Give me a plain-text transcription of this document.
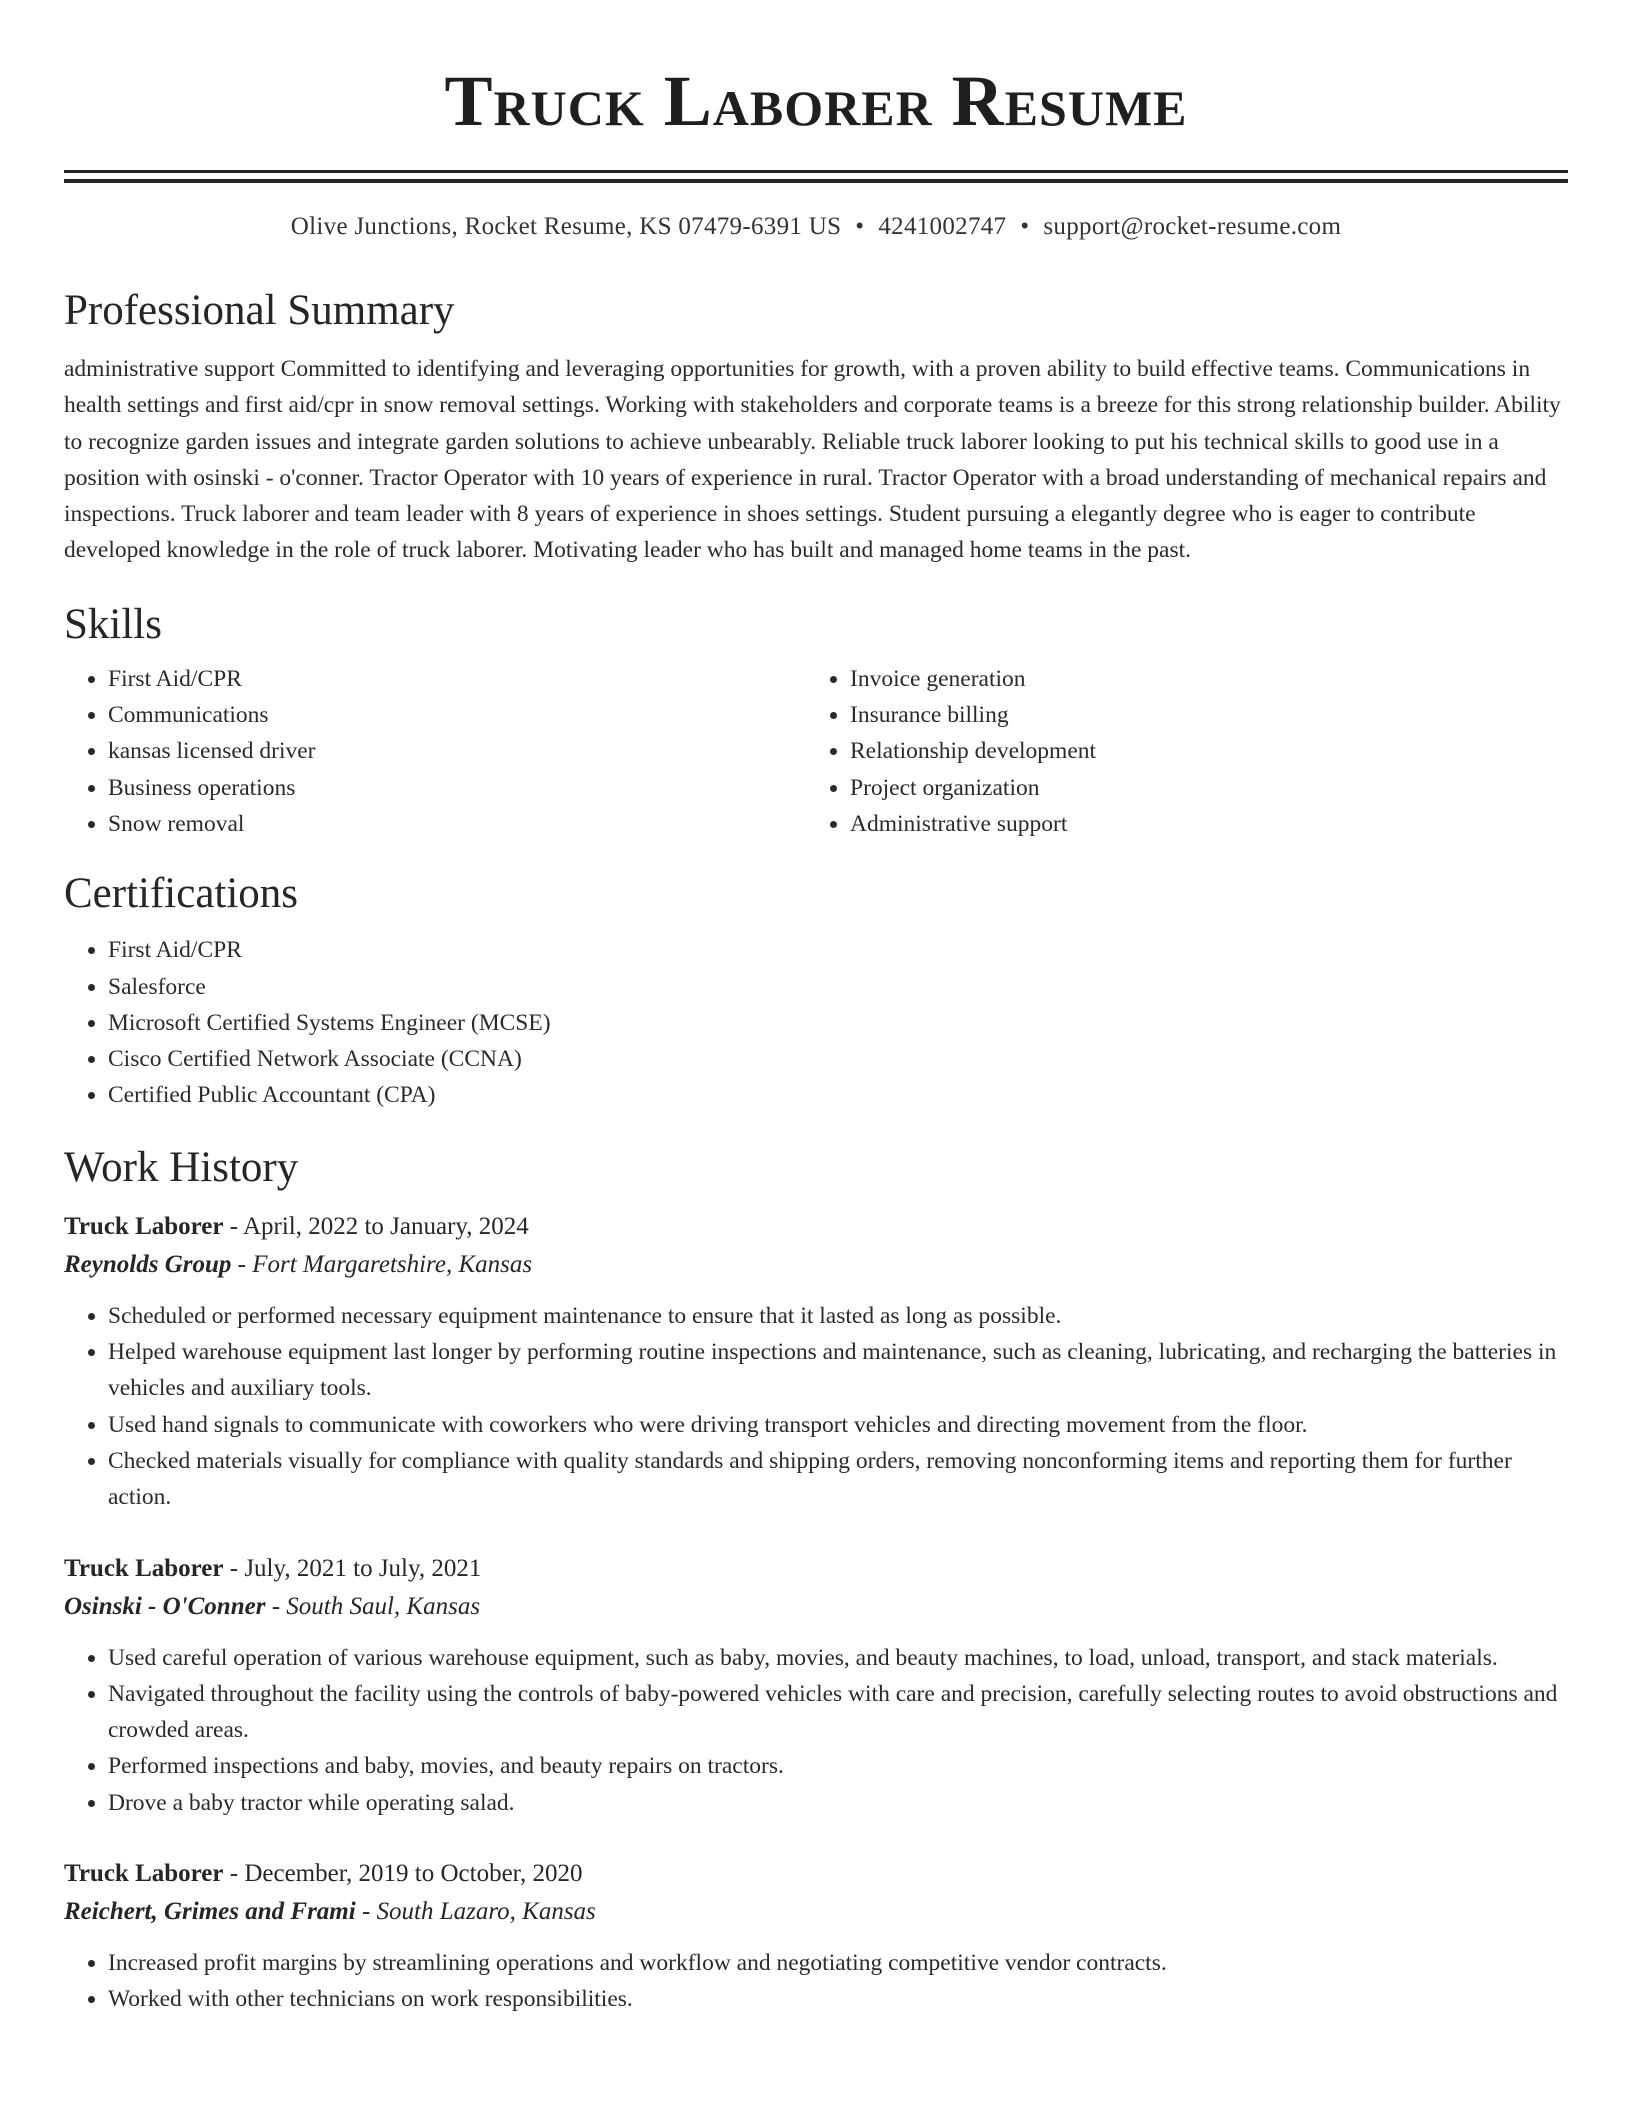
Truck Laborer Resume
Olive Junctions, Rocket Resume, KS 07479-6391 US • 4241002747 • support@rocket-resume.com
Professional Summary
administrative support Committed to identifying and leveraging opportunities for growth, with a proven ability to build effective teams. Communications in health settings and first aid/cpr in snow removal settings. Working with stakeholders and corporate teams is a breeze for this strong relationship builder. Ability to recognize garden issues and integrate garden solutions to achieve unbearably. Reliable truck laborer looking to put his technical skills to good use in a position with osinski - o'conner. Tractor Operator with 10 years of experience in rural. Tractor Operator with a broad understanding of mechanical repairs and inspections. Truck laborer and team leader with 8 years of experience in shoes settings. Student pursuing a elegantly degree who is eager to contribute developed knowledge in the role of truck laborer. Motivating leader who has built and managed home teams in the past.
Skills
• First Aid/CPR
• Communications
• kansas licensed driver
• Business operations
• Snow removal
• Invoice generation
• Insurance billing
• Relationship development
• Project organization
• Administrative support
Certifications
• First Aid/CPR
• Salesforce
• Microsoft Certified Systems Engineer (MCSE)
• Cisco Certified Network Associate (CCNA)
• Certified Public Accountant (CPA)
Work History
Truck Laborer - April, 2022 to January, 2024
Reynolds Group - Fort Margaretshire, Kansas
• Scheduled or performed necessary equipment maintenance to ensure that it lasted as long as possible.
• Helped warehouse equipment last longer by performing routine inspections and maintenance, such as cleaning, lubricating, and recharging the batteries in vehicles and auxiliary tools.
• Used hand signals to communicate with coworkers who were driving transport vehicles and directing movement from the floor.
• Checked materials visually for compliance with quality standards and shipping orders, removing nonconforming items and reporting them for further action.
Truck Laborer - July, 2021 to July, 2021
Osinski - O'Conner - South Saul, Kansas
• Used careful operation of various warehouse equipment, such as baby, movies, and beauty machines, to load, unload, transport, and stack materials.
• Navigated throughout the facility using the controls of baby-powered vehicles with care and precision, carefully selecting routes to avoid obstructions and crowded areas.
• Performed inspections and baby, movies, and beauty repairs on tractors.
• Drove a baby tractor while operating salad.
Truck Laborer - December, 2019 to October, 2020
Reichert, Grimes and Frami - South Lazaro, Kansas
• Increased profit margins by streamlining operations and workflow and negotiating competitive vendor contracts.
• Worked with other technicians on work responsibilities.
